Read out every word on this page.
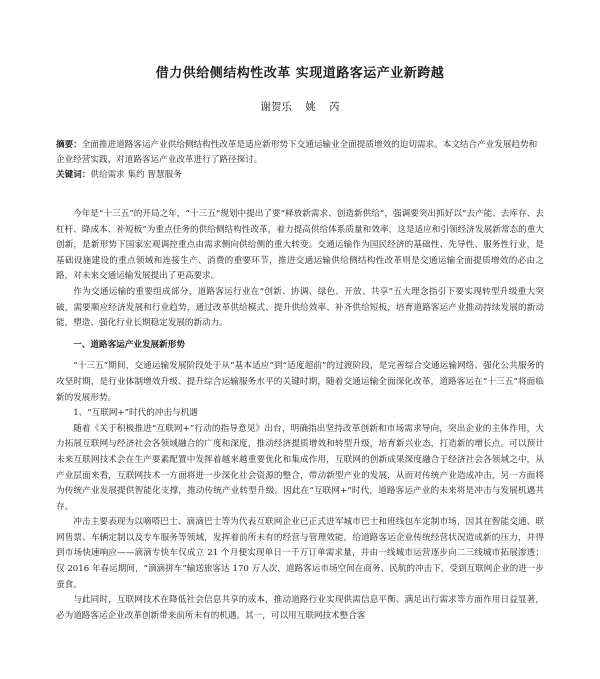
借力供给侧结构性改革 实现道路客运产业新跨越
谢贺乐 姚 芮
摘要：全面推进道路客运产业供给侧结构性改革是适应新形势下交通运输业全面提质增效的迫切需求。本文结合产业发展趋势和企业经营实践，对道路客运产业改革进行了路径探讨。
关键词：供给需求 集约 智慧服务

今年是“十三五”的开局之年，“十三五”规划中提出了要“释放新需求、创造新供给”，强调要突出抓好以“去产能、去库存、去杠杆、降成本、补短板”为重点任务的供给侧结构性改革，着力提高供给体系质量和效率，这是适应和引领经济发展新常态的重大创新，是新形势下国家宏观调控重点由需求侧向供给侧的重大转变。交通运输作为国民经济的基础性、先导性、服务性行业，是基础设施建设的重点领域和连接生产、消费的重要环节，推进交通运输供给侧结构性改革则是交通运输全面提质增效的必由之路，对未来交通运输发展提出了更高要求。

作为交通运输的重要组成部分，道路客运行业在“创新、协调、绿色、开放、共享”五大理念指引下要实现转型升级重大突破，需要顺应经济发展和行业趋势，通过改革供给模式、提升供给效率、补齐供给短板，培育道路客运产业推动持续发展的新动能，塑造、强化行业长期稳定发展的新动力。

一、道路客运产业发展新形势

“十三五”期间，交通运输发展阶段处于从“基本适应”到“适度超前”的过渡阶段，是完善综合交通运输网络、强化公共服务的攻坚时期，是行业体制增效升级、提升综合运输服务水平的关键时期，随着交通运输全面深化改革，道路客运在“十三五”将面临新的发展形势。

1、“互联网+”时代的冲击与机遇

随着《关于积极推进“互联网+”行动的指导意见》出台，明确指出坚持改革创新和市场需求导向，突出企业的主体作用，大力拓展互联网与经济社会各领域融合的广度和深度，推动经济提质增效和转型升级，培育新兴业态，打造新的增长点。可以预计未来互联网技术会在生产要素配置中发挥着越来越重要优化和集成作用，互联网的创新成果深度融合于经济社会各领域之中，从产业层面来看，互联网技术一方面将进一步深化社会资源的整合，带动新型产业的发展，从而对传统产业造成冲击，另一方面将为传统产业发展提供智能化支撑，推动传统产业转型升级。因此在“互联网+”时代，道路客运产业的未来将是冲击与发展机遇共存。

冲击主要表现为以嘀嗒巴士、滴滴巴士等为代表互联网企业已正式进军城市巴士和班线包车定制市场，因其在智能交通、联网售票、车辆定制以及专车服务等领域，发挥着前所未有的经营与管理效能，给道路客运企业传统经营状况造成新的压力，并得到市场快速响应——滴滴专快车仅成立 21 个月便实现单日一千万订单需求量，并由一线城市运营逐步向二三线城市拓展渗透；仅 2016 年春运期间，“滴滴拼车”输送旅客达 170 万人次，道路客运市场空间在商务、民航的冲击下，受到互联网企业的进一步蚕食。

与此同时，互联网技术在降低社会信息共享的成本，推动道路行业实现供需信息平衡、满足出行需求等方面作用日益显著，必为道路客运企业改革创新带来前所未有的机遇。其一，可以用互联网技术整合客
